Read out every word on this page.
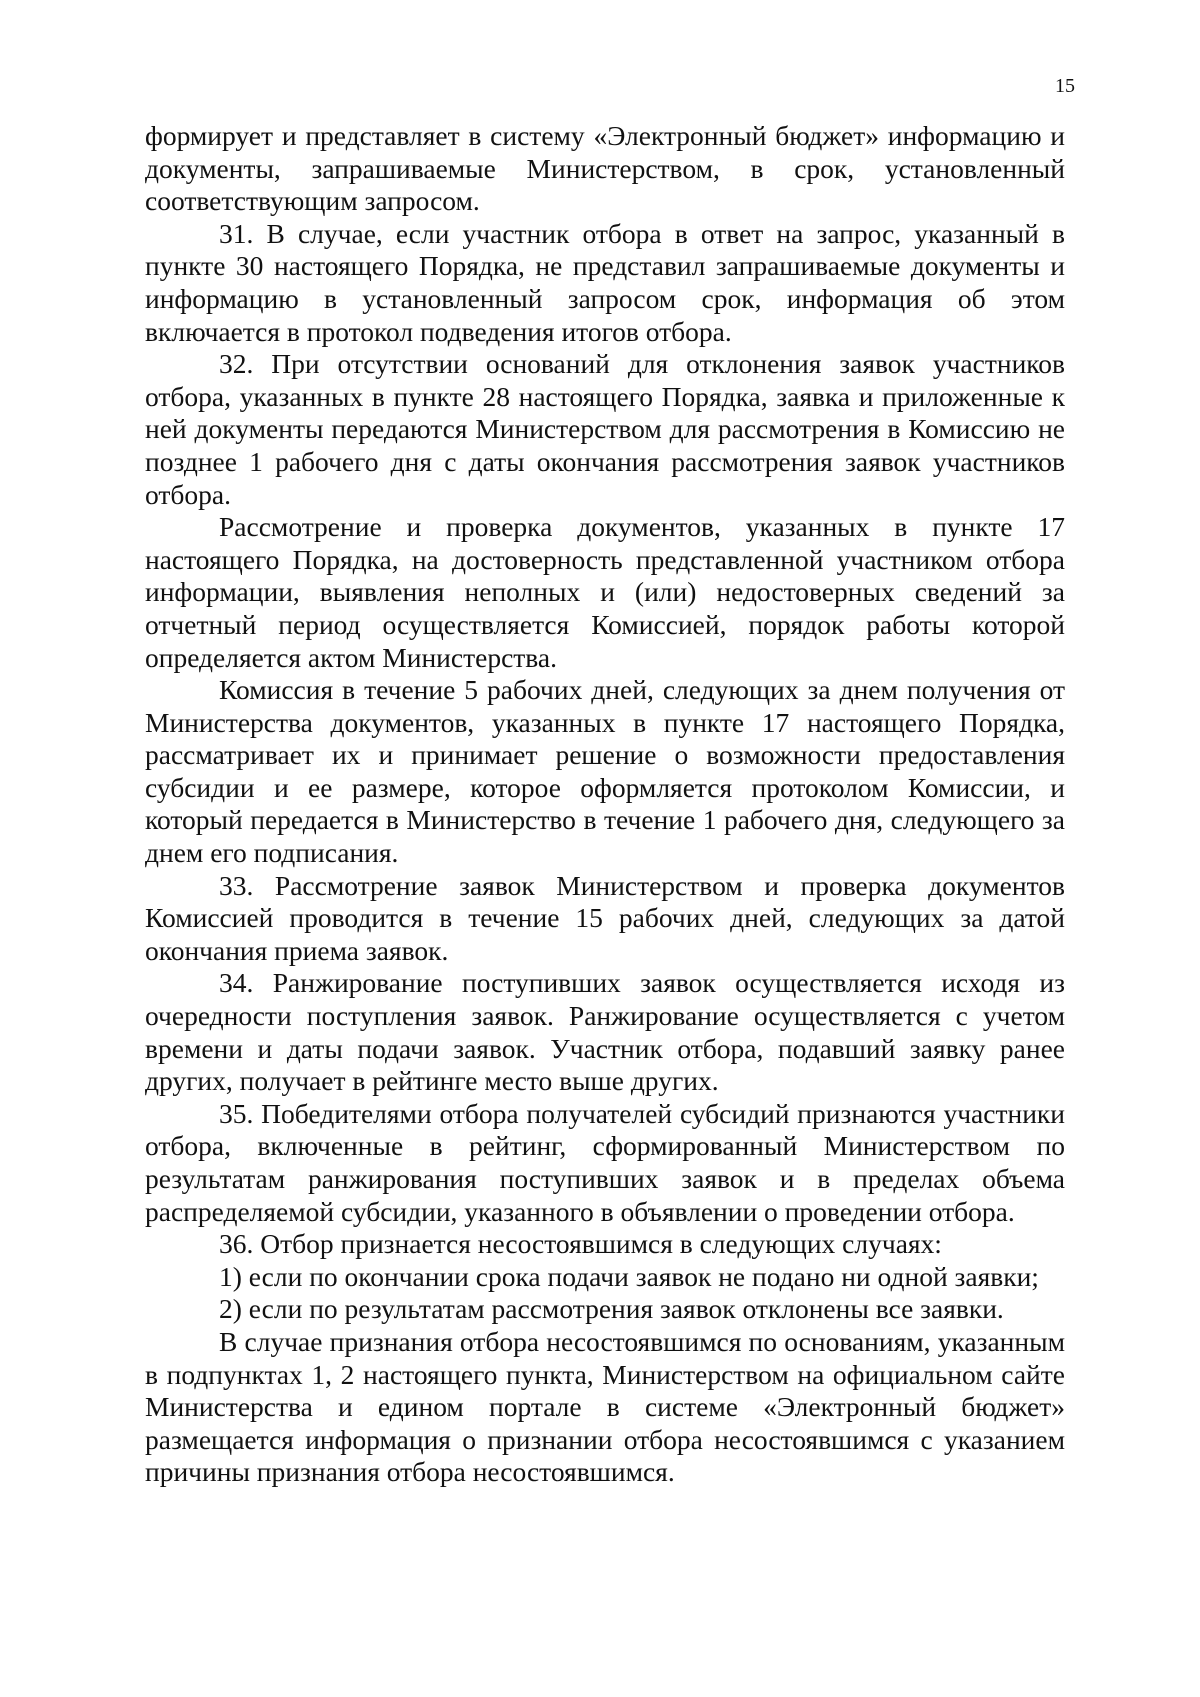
15

формирует и представляет в систему «Электронный бюджет» информацию и документы, запрашиваемые Министерством, в срок, установленный соответствующим запросом.

31. В случае, если участник отбора в ответ на запрос, указанный в пункте 30 настоящего Порядка, не представил запрашиваемые документы и информацию в установленный запросом срок, информация об этом включается в протокол подведения итогов отбора.

32. При отсутствии оснований для отклонения заявок участников отбора, указанных в пункте 28 настоящего Порядка, заявка и приложенные к ней документы передаются Министерством для рассмотрения в Комиссию не позднее 1 рабочего дня с даты окончания рассмотрения заявок участников отбора.

Рассмотрение и проверка документов, указанных в пункте 17 настоящего Порядка, на достоверность представленной участником отбора информации, выявления неполных и (или) недостоверных сведений за отчетный период осуществляется Комиссией, порядок работы которой определяется актом Министерства.

Комиссия в течение 5 рабочих дней, следующих за днем получения от Министерства документов, указанных в пункте 17 настоящего Порядка, рассматривает их и принимает решение о возможности предоставления субсидии и ее размере, которое оформляется протоколом Комиссии, и который передается в Министерство в течение 1 рабочего дня, следующего за днем его подписания.

33. Рассмотрение заявок Министерством и проверка документов Комиссией проводится в течение 15 рабочих дней, следующих за датой окончания приема заявок.

34. Ранжирование поступивших заявок осуществляется исходя из очередности поступления заявок. Ранжирование осуществляется с учетом времени и даты подачи заявок. Участник отбора, подавший заявку ранее других, получает в рейтинге место выше других.

35. Победителями отбора получателей субсидий признаются участники отбора, включенные в рейтинг, сформированный Министерством по результатам ранжирования поступивших заявок и в пределах объема распределяемой субсидии, указанного в объявлении о проведении отбора.

36. Отбор признается несостоявшимся в следующих случаях:

1) если по окончании срока подачи заявок не подано ни одной заявки;

2) если по результатам рассмотрения заявок отклонены все заявки.

В случае признания отбора несостоявшимся по основаниям, указанным в подпунктах 1, 2 настоящего пункта, Министерством на официальном сайте Министерства и едином портале в системе «Электронный бюджет» размещается информация о признании отбора несостоявшимся с указанием причины признания отбора несостоявшимся.
